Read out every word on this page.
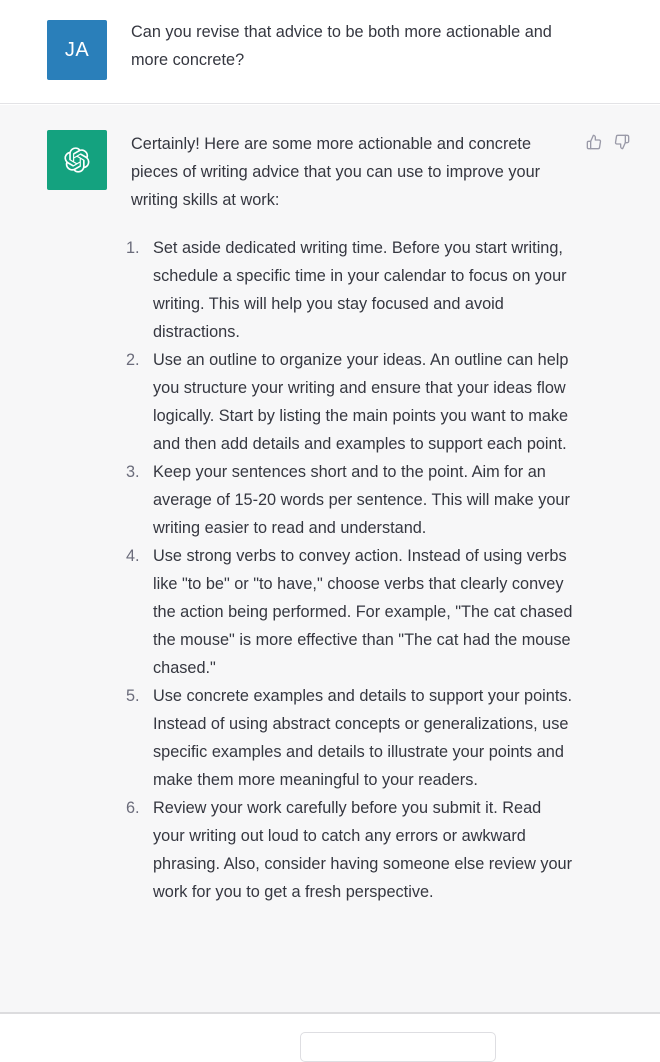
JA
Can you revise that advice to be both more actionable and more concrete?
Certainly! Here are some more actionable and concrete pieces of writing advice that you can use to improve your writing skills at work:
1. Set aside dedicated writing time. Before you start writing, schedule a specific time in your calendar to focus on your writing. This will help you stay focused and avoid distractions.
2. Use an outline to organize your ideas. An outline can help you structure your writing and ensure that your ideas flow logically. Start by listing the main points you want to make and then add details and examples to support each point.
3. Keep your sentences short and to the point. Aim for an average of 15-20 words per sentence. This will make your writing easier to read and understand.
4. Use strong verbs to convey action. Instead of using verbs like "to be" or "to have," choose verbs that clearly convey the action being performed. For example, "The cat chased the mouse" is more effective than "The cat had the mouse chased."
5. Use concrete examples and details to support your points. Instead of using abstract concepts or generalizations, use specific examples and details to illustrate your points and make them more meaningful to your readers.
6. Review your work carefully before you submit it. Read your writing out loud to catch any errors or awkward phrasing. Also, consider having someone else review your work for you to get a fresh perspective.
